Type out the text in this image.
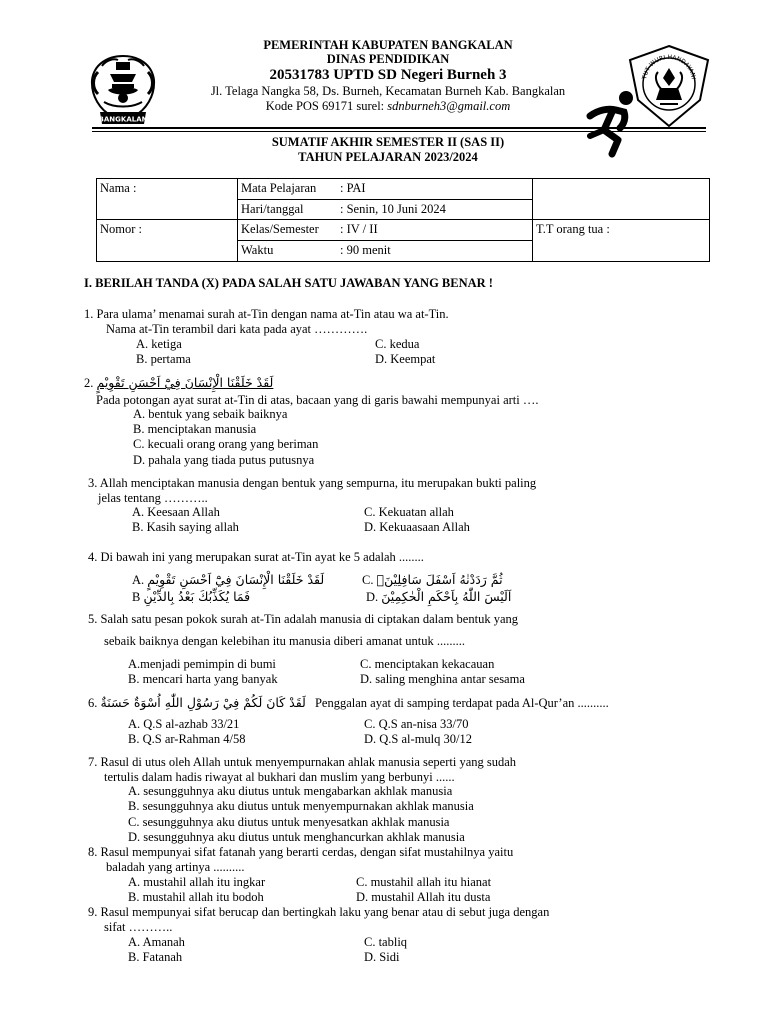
BANGKALAN
TUT WURI HANDAYANI
PEMERINTAH KABUPATEN BANGKALAN
DINAS PENDIDIKAN
20531783 UPTD SD Negeri Burneh 3
Jl. Telaga Nangka 58, Ds. Burneh, Kecamatan Burneh Kab. Bangkalan
Kode POS 69171 surel: sdnburneh3@gmail.com
SUMATIF AKHIR SEMESTER II (SAS II)
TAHUN PELAJARAN 2023/2024
Nama :
Nomor :
Mata Pelajaran : PAI
Hari/tanggal	: Senin, 10 Juni 2024
Kelas/Semester : IV / II
Waktu	: 90 menit
T.T orang tua :
I. BERILAH TANDA (X) PADA SALAH SATU JAWABAN YANG BENAR !
1. Para ulama’ menamai surah at-Tin dengan nama at-Tin atau wa at-Tin.
Nama at-Tin terambil dari kata pada ayat ………….
A. ketiga	C. kedua
B. pertama	D. Keempat
2. لَقَدْ خَلَقْنَا الْإِنْسَانَ فِيْٓ اَحْسَنِ تَقْوِيْمٍ
Pada potongan ayat surat at-Tin di atas, bacaan yang di garis bawahi mempunyai arti ….
A. bentuk yang sebaik baiknya
B. menciptakan manusia
C. kecuali orang orang yang beriman
D. pahala yang tiada putus putusnya
3. Allah menciptakan manusia dengan bentuk yang sempurna, itu merupakan bukti paling
jelas tentang ………..
A. Keesaan Allah	C. Kekuatan allah
B. Kasih saying allah	D. Kekuaasaan Allah
4. Di bawah ini yang merupakan surat at-Tin ayat ke 5 adalah ........
A. لَقَدْ خَلَقْنَا الْإِنْسَانَ فِيْٓ اَحْسَنِ تَقْوِيْمٍ	C. ثُمَّ رَدَدْنٰهُ اَسْفَلَ سَافِلِيْنَۙ
B فَمَا يُكَذِّبُكَ بَعْدُ بِالدِّيْنِ	D. اَلَيْسَ اللّٰهُ بِاَحْكَمِ الْحٰكِمِيْنَ
5. Salah satu pesan pokok surah at-Tin adalah manusia di ciptakan dalam bentuk yang
sebaik baiknya dengan kelebihan itu manusia diberi amanat untuk .........
A.menjadi pemimpin di bumi	C. menciptakan kekacauan
B. mencari harta yang banyak	D. saling menghina antar sesama
6. لَقَدْ كَانَ لَكُمْ فِيْ رَسُوْلِ اللّٰهِ اُسْوَةٌ حَسَنَةٌ Penggalan ayat di samping terdapat pada Al-Qur’an ..........
A. Q.S al-azhab 33/21	C. Q.S an-nisa 33/70
B. Q.S ar-Rahman 4/58	D. Q.S al-mulq 30/12
7. Rasul di utus oleh Allah untuk menyempurnakan ahlak manusia seperti yang sudah
tertulis dalam hadis riwayat al bukhari dan muslim yang berbunyi ......
A. sesungguhnya aku diutus untuk mengabarkan akhlak manusia
B. sesungguhnya aku diutus untuk menyempurnakan akhlak manusia
C. sesungguhnya aku diutus untuk menyesatkan akhlak manusia
D. sesungguhnya aku diutus untuk menghancurkan akhlak manusia
8. Rasul mempunyai sifat fatanah yang berarti cerdas, dengan sifat mustahilnya yaitu
baladah yang artinya ..........
A. mustahil allah itu ingkar	C. mustahil allah itu hianat
B. mustahil allah itu bodoh	D. mustahil Allah itu dusta
9. Rasul mempunyai sifat berucap dan bertingkah laku yang benar atau di sebut juga dengan
sifat ………..
A. Amanah	C. tabliq
B. Fatanah	D. Sidi
